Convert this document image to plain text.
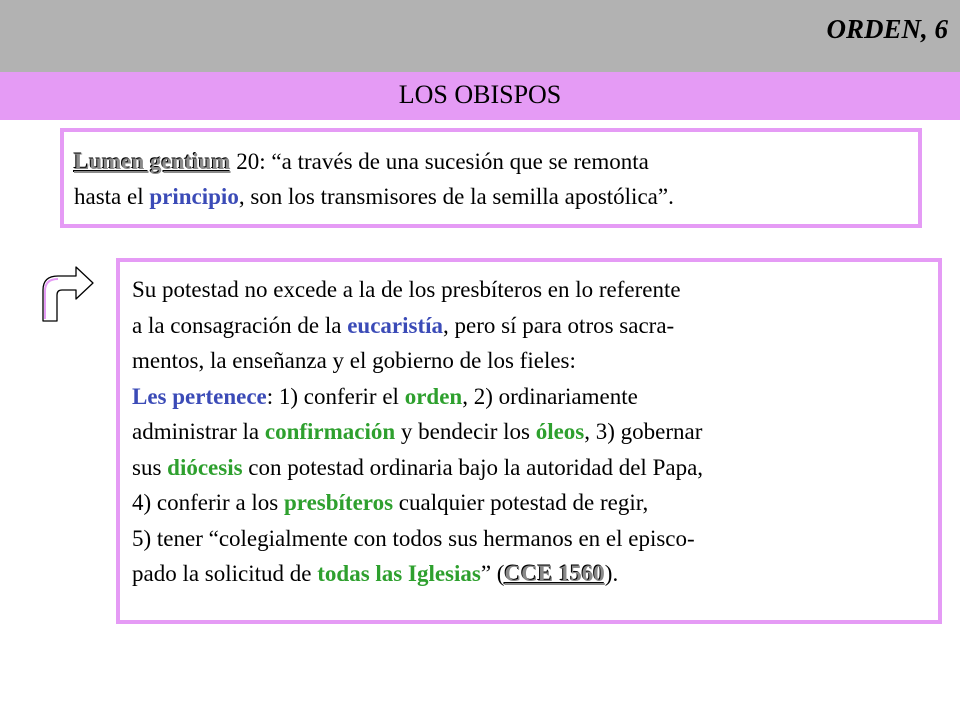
ORDEN, 6
LOS OBISPOS
Lumen gentium 20: “a través de una sucesión que se remonta
hasta el principio, son los transmisores de la semilla apostólica”.
Su potestad no excede a la de los presbíteros en lo referente
a la consagración de la eucaristía, pero sí para otros sacra-
mentos, la enseñanza y el gobierno de los fieles:
Les pertenece: 1) conferir el orden, 2) ordinariamente
administrar la confirmación y bendecir los óleos, 3) gobernar
sus diócesis con potestad ordinaria bajo la autoridad del Papa,
4) conferir a los presbíteros cualquier potestad de regir,
5) tener “colegialmente con todos sus hermanos en el episco-
pado la solicitud de todas las Iglesias” (CCE 1560).
